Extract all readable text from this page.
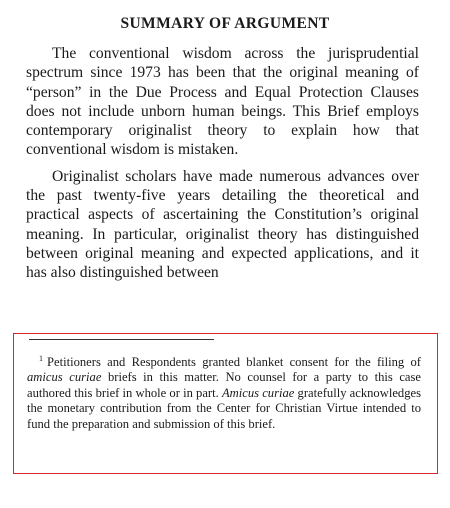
SUMMARY OF ARGUMENT

The conventional wisdom across the jurisprudential spectrum since 1973 has been that the original meaning of “person” in the Due Process and Equal Protection Clauses does not include unborn human beings. This Brief employs contemporary originalist theory to explain how that conventional wisdom is mistaken.

Originalist scholars have made numerous advances over the past twenty-five years detailing the theoretical and practical aspects of ascertaining the Constitution’s original meaning. In particular, originalist theory has distinguished between original meaning and expected applications, and it has also distinguished between

$^1$ Petitioners and Respondents granted blanket consent for the filing of amicus curiae briefs in this matter. No counsel for a party to this case authored this brief in whole or in part. Amicus curiae gratefully acknowledges the monetary contribution from the Center for Christian Virtue intended to fund the preparation and submission of this brief.
